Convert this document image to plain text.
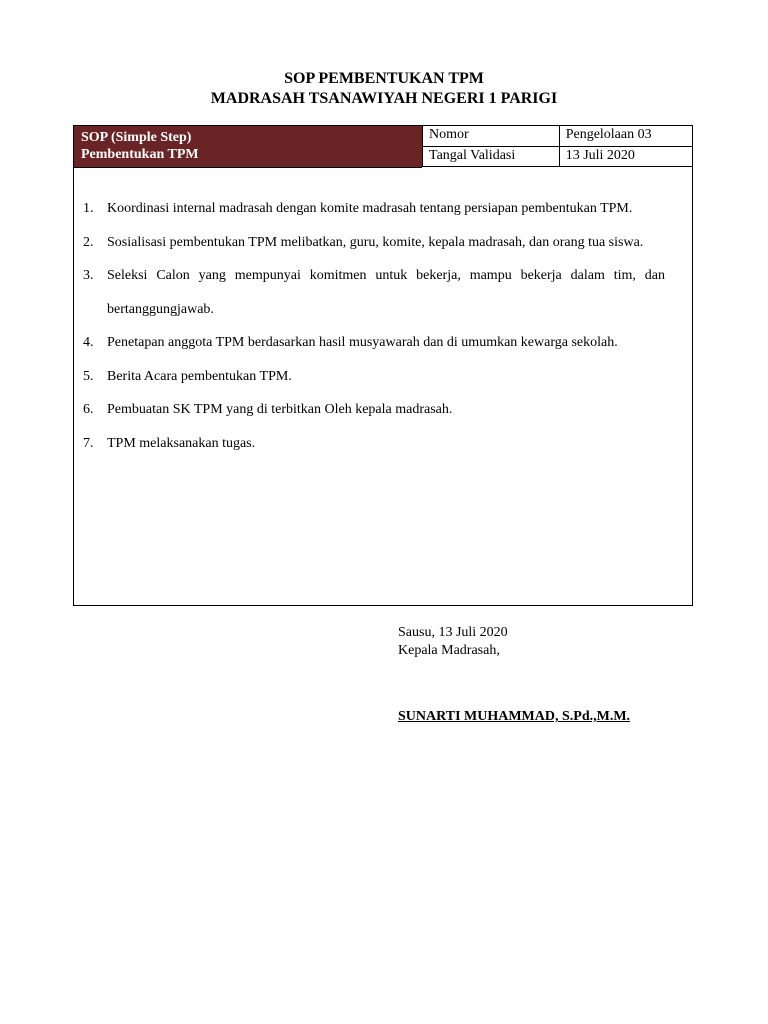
SOP PEMBENTUKAN TPM
MADRASAH TSANAWIYAH NEGERI 1 PARIGI
SOP (Simple Step)
Pembentukan TPM
Nomor	Pengelolaan 03
Tangal Validasi	13 Juli 2020
1. Koordinasi internal madrasah dengan komite madrasah tentang persiapan pembentukan TPM.
2. Sosialisasi pembentukan TPM melibatkan, guru, komite, kepala madrasah, dan orang tua siswa.
3. Seleksi Calon yang mempunyai komitmen untuk bekerja, mampu bekerja dalam tim, dan bertanggungjawab.
4. Penetapan anggota TPM berdasarkan hasil musyawarah dan di umumkan kewarga sekolah.
5. Berita Acara pembentukan TPM.
6. Pembuatan SK TPM yang di terbitkan Oleh kepala madrasah.
7. TPM melaksanakan tugas.
Sausu, 13 Juli 2020
Kepala Madrasah,
SUNARTI MUHAMMAD, S.Pd.,M.M.
